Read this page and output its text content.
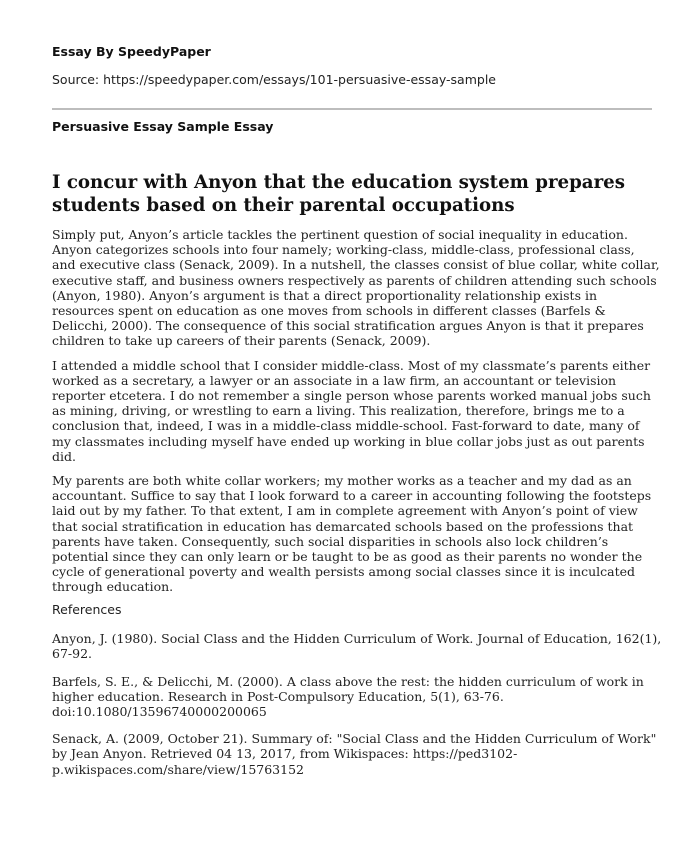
Essay By SpeedyPaper
Source: https://speedypaper.com/essays/101-persuasive-essay-sample
Persuasive Essay Sample Essay
I concur with Anyon that the education system prepares students based on their parental occupations

Simply put, Anyon’s article tackles the pertinent question of social inequality in education. Anyon categorizes schools into four namely; working-class, middle-class, professional class, and executive class (Senack, 2009). In a nutshell, the classes consist of blue collar, white collar, executive staff, and business owners respectively as parents of children attending such schools (Anyon, 1980). Anyon’s argument is that a direct proportionality relationship exists in resources spent on education as one moves from schools in different classes (Barfels & Delicchi, 2000). The consequence of this social stratification argues Anyon is that it prepares children to take up careers of their parents (Senack, 2009).

I attended a middle school that I consider middle-class. Most of my classmate’s parents either worked as a secretary, a lawyer or an associate in a law firm, an accountant or television reporter etcetera. I do not remember a single person whose parents worked manual jobs such as mining, driving, or wrestling to earn a living. This realization, therefore, brings me to a conclusion that, indeed, I was in a middle-class middle-school. Fast-forward to date, many of my classmates including myself have ended up working in blue collar jobs just as out parents did.

My parents are both white collar workers; my mother works as a teacher and my dad as an accountant. Suffice to say that I look forward to a career in accounting following the footsteps laid out by my father. To that extent, I am in complete agreement with Anyon’s point of view that social stratification in education has demarcated schools based on the professions that parents have taken. Consequently, such social disparities in schools also lock children’s potential since they can only learn or be taught to be as good as their parents no wonder the cycle of generational poverty and wealth persists among social classes since it is inculcated through education.

References
Anyon, J. (1980). Social Class and the Hidden Curriculum of Work. Journal of Education, 162(1), 67-92.
Barfels, S. E., & Delicchi, M. (2000). A class above the rest: the hidden curriculum of work in higher education. Research in Post-Compulsory Education, 5(1), 63-76. doi:10.1080/13596740000200065
Senack, A. (2009, October 21). Summary of: "Social Class and the Hidden Curriculum of Work" by Jean Anyon. Retrieved 04 13, 2017, from Wikispaces: https://ped3102-p.wikispaces.com/share/view/15763152
